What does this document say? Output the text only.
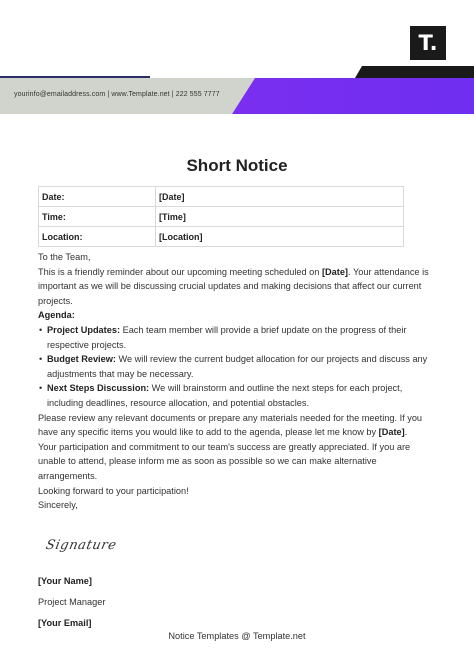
T.
yourinfo@emailaddress.com | www.Template.net | 222 555 7777
Short Notice
Date:	[Date]
Time:	[Time]
Location:	[Location]

To the Team,

This is a friendly reminder about our upcoming meeting scheduled on [Date]. Your attendance is important as we will be discussing crucial updates and making decisions that affect our current projects.

Agenda:

• Project Updates: Each team member will provide a brief update on the progress of their respective projects.
• Budget Review: We will review the current budget allocation for our projects and discuss any adjustments that may be necessary.
• Next Steps Discussion: We will brainstorm and outline the next steps for each project, including deadlines, resource allocation, and potential obstacles.

Please review any relevant documents or prepare any materials needed for the meeting. If you have any specific items you would like to add to the agenda, please let me know by [Date].

Your participation and commitment to our team's success are greatly appreciated. If you are unable to attend, please inform me as soon as possible so we can make alternative arrangements.

Looking forward to your participation!

Sincerely,

Signature
[Your Name]
Project Manager
[Your Email]
Notice Templates @ Template.net
